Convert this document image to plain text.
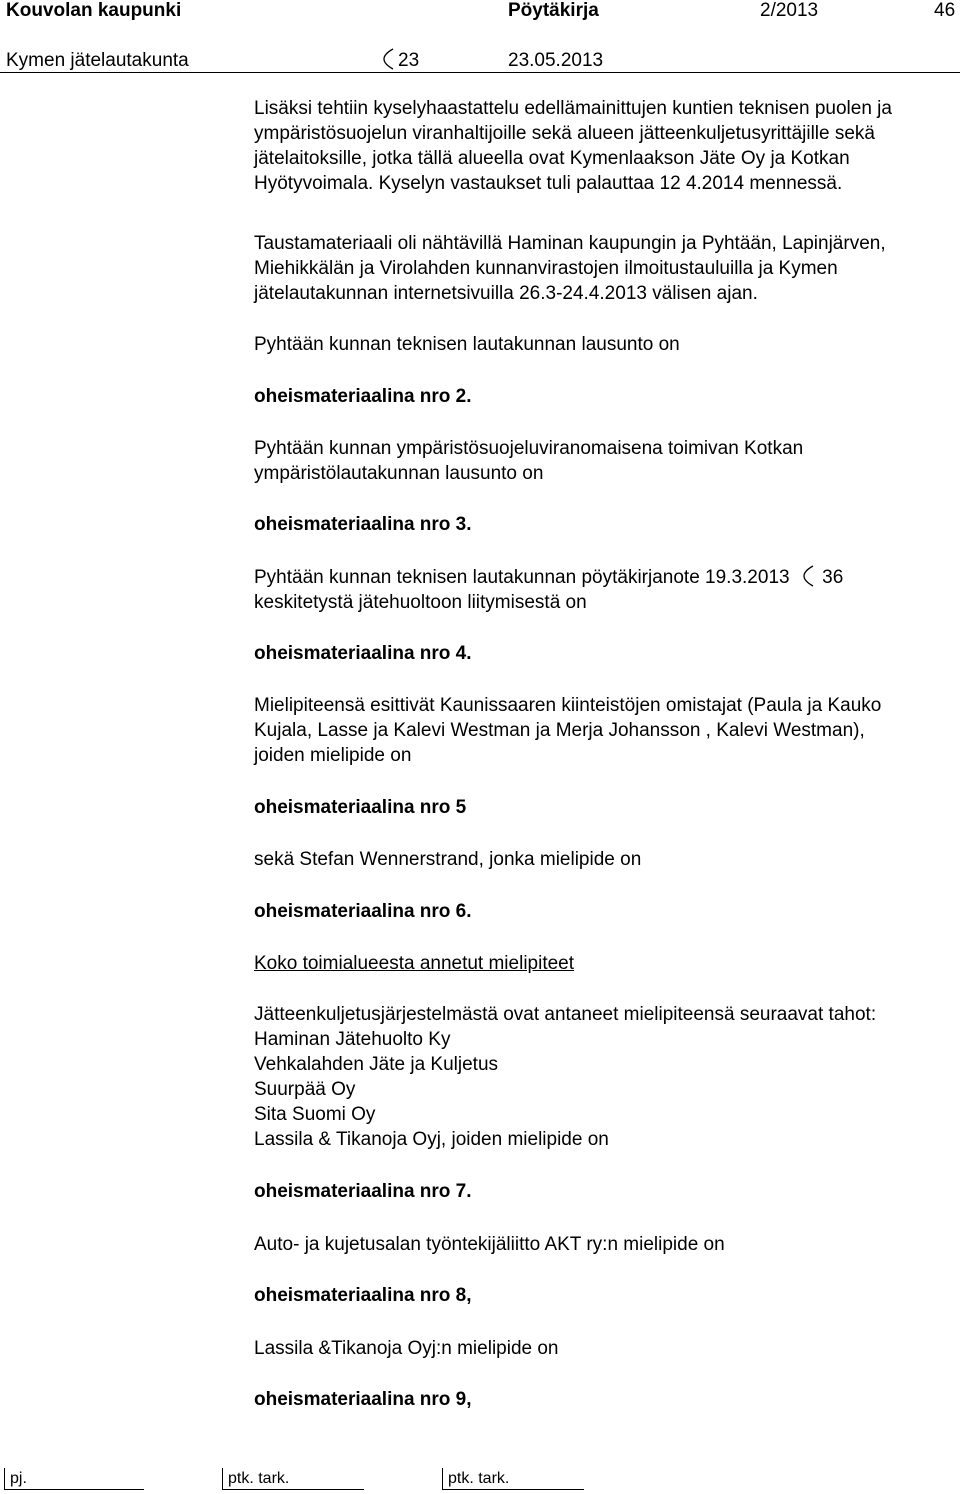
Kouvolan kaupunki	Pöytäkirja	2/2013	46
Kymen jätelautakunta	23	23.05.2013
Lisäksi tehtiin kyselyhaastattelu edellämainittujen kuntien teknisen puolen ja
ympäristösuojelun viranhaltijoille sekä alueen jätteenkuljetusyrittäjille sekä
jätelaitoksille, jotka tällä alueella ovat Kymenlaakson Jäte Oy ja Kotkan
Hyötyvoimala. Kyselyn vastaukset tuli palauttaa 12 4.2014 mennessä.
Taustamateriaali oli nähtävillä Haminan kaupungin ja Pyhtään, Lapinjärven,
Miehikkälän ja Virolahden kunnanvirastojen ilmoitustauluilla ja Kymen
jätelautakunnan internetsivuilla 26.3-24.4.2013 välisen ajan.
Pyhtään kunnan teknisen lautakunnan lausunto on
oheismateriaalina nro 2.
Pyhtään kunnan ympäristösuojeluviranomaisena toimivan Kotkan
ympäristölautakunnan lausunto on
oheismateriaalina nro 3.
Pyhtään kunnan teknisen lautakunnan pöytäkirjanote 19.3.2013 36
keskitetystä jätehuoltoon liitymisestä on
oheismateriaalina nro 4.
Mielipiteensä esittivät Kaunissaaren kiinteistöjen omistajat (Paula ja Kauko
Kujala, Lasse ja Kalevi Westman ja Merja Johansson , Kalevi Westman),
joiden mielipide on
oheismateriaalina nro 5
sekä Stefan Wennerstrand, jonka mielipide on
oheismateriaalina nro 6.
Koko toimialueesta annetut mielipiteet
Jätteenkuljetusjärjestelmästä ovat antaneet mielipiteensä seuraavat tahot:
Haminan Jätehuolto Ky
Vehkalahden Jäte ja Kuljetus
Suurpää Oy
Sita Suomi Oy
Lassila & Tikanoja Oyj, joiden mielipide on
oheismateriaalina nro 7.
Auto- ja kujetusalan työntekijäliitto AKT ry:n mielipide on
oheismateriaalina nro 8,
Lassila &Tikanoja Oyj:n mielipide on
oheismateriaalina nro 9,
pj.	ptk. tark.	ptk. tark.
